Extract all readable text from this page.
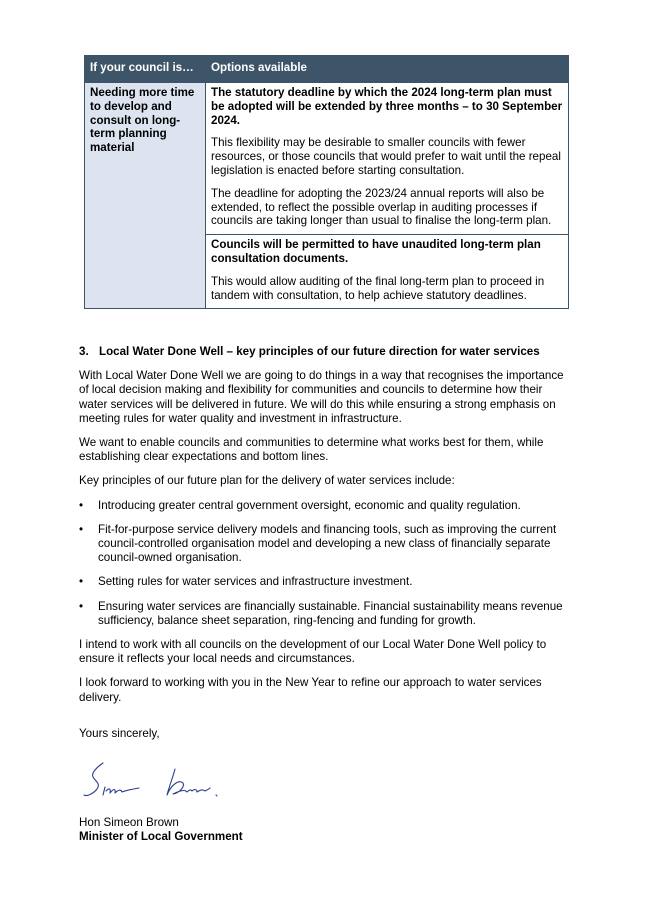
If your council is…	Options available
Needing more time to develop and consult on long-term planning material	The statutory deadline by which the 2024 long-term plan must be adopted will be extended by three months – to 30 September 2024.

This flexibility may be desirable to smaller councils with fewer resources, or those councils that would prefer to wait until the repeal legislation is enacted before starting consultation.

The deadline for adopting the 2023/24 annual reports will also be extended, to reflect the possible overlap in auditing processes if councils are taking longer than usual to finalise the long-term plan.

	Councils will be permitted to have unaudited long-term plan consultation documents.

This would allow auditing of the final long-term plan to proceed in tandem with consultation, to help achieve statutory deadlines.

3. Local Water Done Well – key principles of our future direction for water services

With Local Water Done Well we are going to do things in a way that recognises the importance of local decision making and flexibility for communities and councils to determine how their water services will be delivered in future. We will do this while ensuring a strong emphasis on meeting rules for water quality and investment in infrastructure.

We want to enable councils and communities to determine what works best for them, while establishing clear expectations and bottom lines.

Key principles of our future plan for the delivery of water services include:

•	Introducing greater central government oversight, economic and quality regulation.
•	Fit-for-purpose service delivery models and financing tools, such as improving the current council-controlled organisation model and developing a new class of financially separate council-owned organisation.
•	Setting rules for water services and infrastructure investment.
•	Ensuring water services are financially sustainable. Financial sustainability means revenue sufficiency, balance sheet separation, ring-fencing and funding for growth.

I intend to work with all councils on the development of our Local Water Done Well policy to ensure it reflects your local needs and circumstances.

I look forward to working with you in the New Year to refine our approach to water services delivery.

Yours sincerely,

Hon Simeon Brown
Minister of Local Government
